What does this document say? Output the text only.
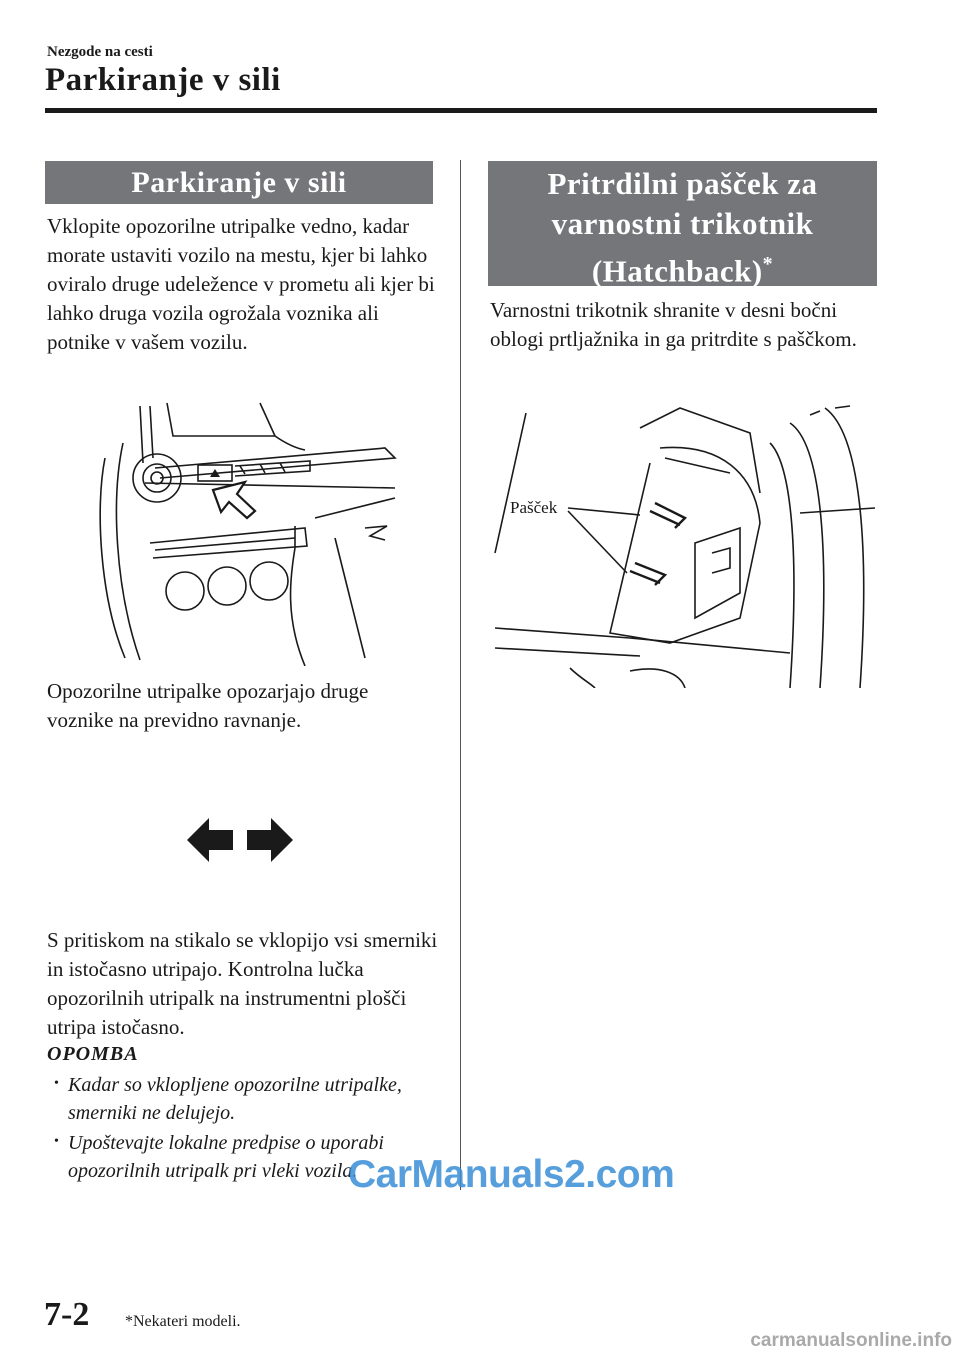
Nezgode na cesti
Parkiranje v sili
Parkiranje v sili

Vklopite opozorilne utripalke vedno, kadar morate ustaviti vozilo na mestu, kjer bi lahko oviralo druge udeležence v prometu ali kjer bi lahko druga vozila ogrožala voznika ali potnike v vašem vozilu.

Opozorilne utripalke opozarjajo druge voznike na previdno ravnanje.

S pritiskom na stikalo se vklopijo vsi smerniki in istočasno utripajo. Kontrolna lučka opozorilnih utripalk na instrumentni plošči utripa istočasno.

OPOMBA
• Kadar so vklopljene opozorilne utripalke, smerniki ne delujejo.
• Upoštevajte lokalne predpise o uporabi opozorilnih utripalk pri vleki vozila.
Pritrdilni pašček za
varnostni trikotnik
(Hatchback)*

Varnostni trikotnik shranite v desni bočni oblogi prtljažnika in ga pritrdite s paščkom.

Pašček
7-2 *Nekateri modeli.
CarManuals2.com
carmanualsonline.info
